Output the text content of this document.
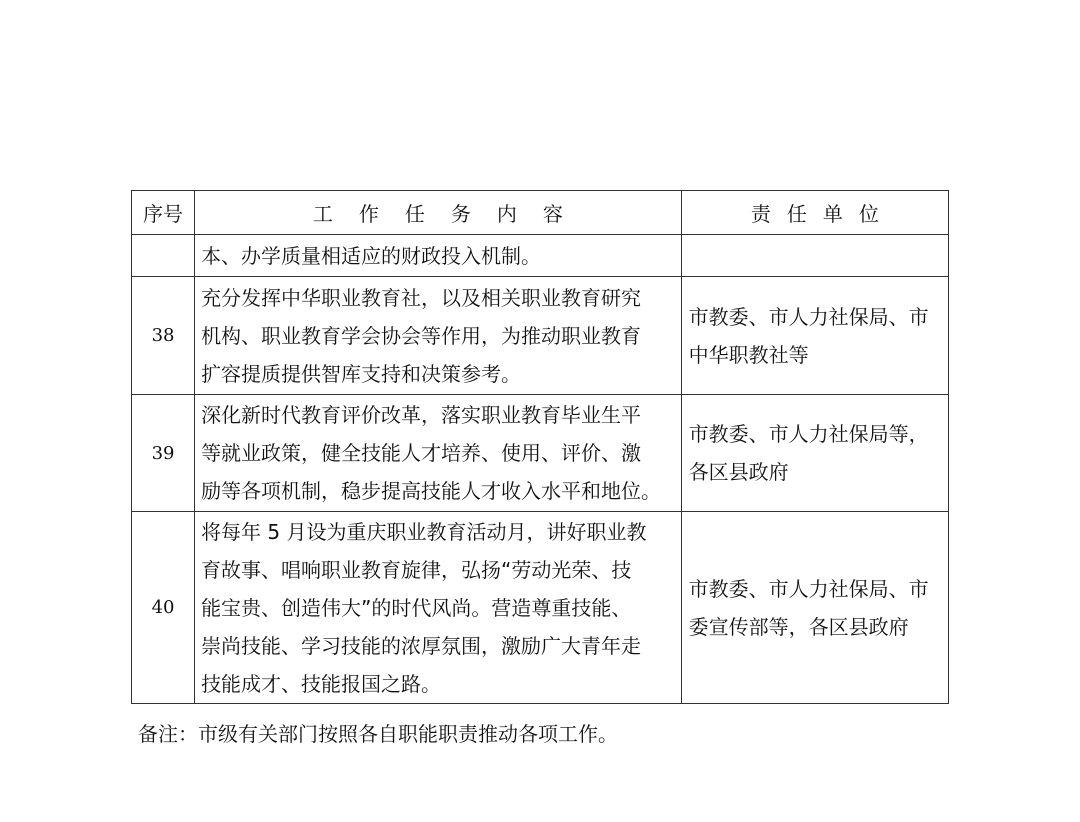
序号	工作任务内容	责任单位

	本、办学质量相适应的财政投入机制。	

38	充分发挥中华职业教育社，以及相关职业教育研究
机构、职业教育学会协会等作用，为推动职业教育
扩容提质提供智库支持和决策参考。	市教委、市人力社保局、市
中华职教社等

39	深化新时代教育评价改革，落实职业教育毕业生平
等就业政策，健全技能人才培养、使用、评价、激
励等各项机制，稳步提高技能人才收入水平和地位。	市教委、市人力社保局等，
各区县政府

40	将每年 5 月设为重庆职业教育活动月，讲好职业教
育故事、唱响职业教育旋律，弘扬“劳动光荣、技
能宝贵、创造伟大”的时代风尚。营造尊重技能、
崇尚技能、学习技能的浓厚氛围，激励广大青年走
技能成才、技能报国之路。	市教委、市人力社保局、市
委宣传部等，各区县政府
备注：市级有关部门按照各自职能职责推动各项工作。
